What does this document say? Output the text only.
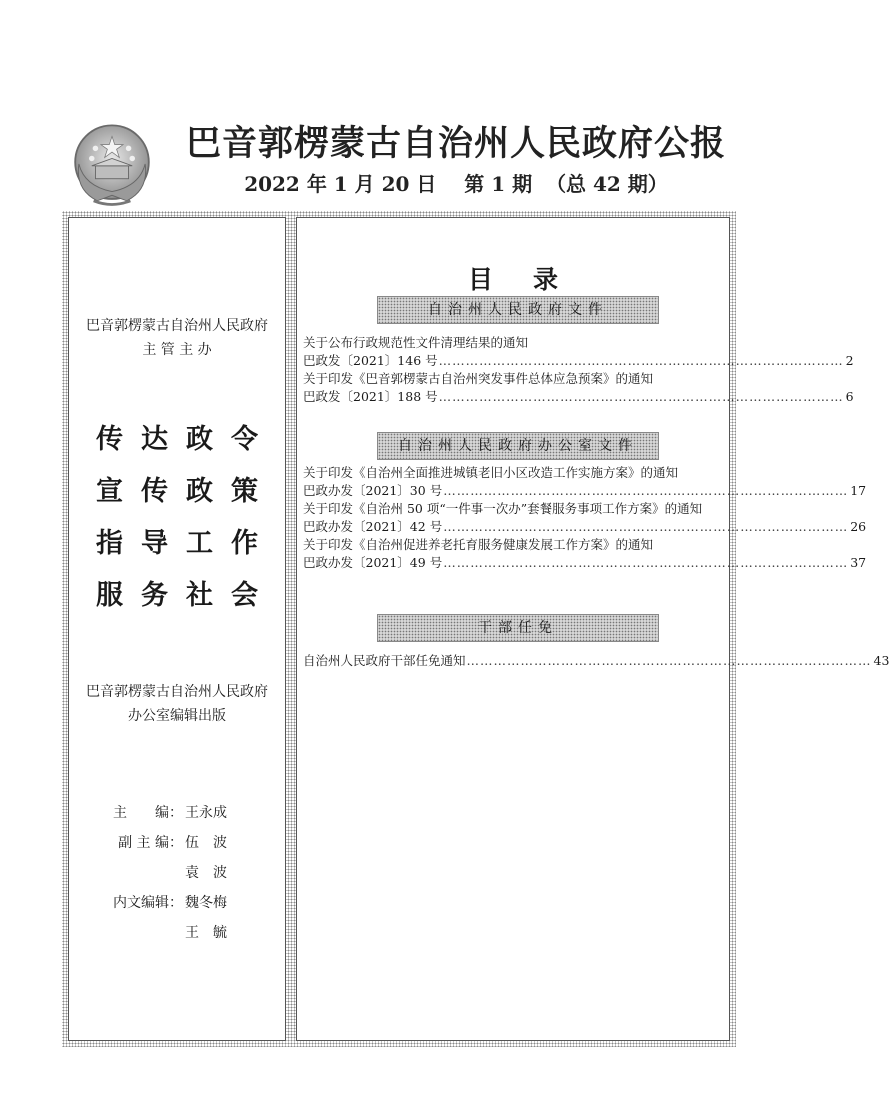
巴音郭楞蒙古自治州人民政府公报
2022 年 1 月 20 日    第 1 期  （总 42 期）
巴音郭楞蒙古自治州人民政府
主 管 主 办
传达政令
宣传政策
指导工作
服务社会
巴音郭楞蒙古自治州人民政府
办公室编辑出版
主　　编： 王永成
副 主 编： 伍　波
袁　波
内文编辑： 魏冬梅
王　毓
目录
自治州人民政府文件
关于公布行政规范性文件清理结果的通知
巴政发〔2021〕146 号 ……………………………………………………………………………… 2
关于印发《巴音郭楞蒙古自治州突发事件总体应急预案》的通知
巴政发〔2021〕188 号 ……………………………………………………………………………… 6
自治州人民政府办公室文件
关于印发《自治州全面推进城镇老旧小区改造工作实施方案》的通知
巴政办发〔2021〕30 号 ……………………………………………………………………………… 17
关于印发《自治州 50 项“一件事一次办”套餐服务事项工作方案》的通知
巴政办发〔2021〕42 号 ……………………………………………………………………………… 26
关于印发《自治州促进养老托育服务健康发展工作方案》的通知
巴政办发〔2021〕49 号 ……………………………………………………………………………… 37
干部任免
自治州人民政府干部任免通知 ……………………………………………………………………………… 43
